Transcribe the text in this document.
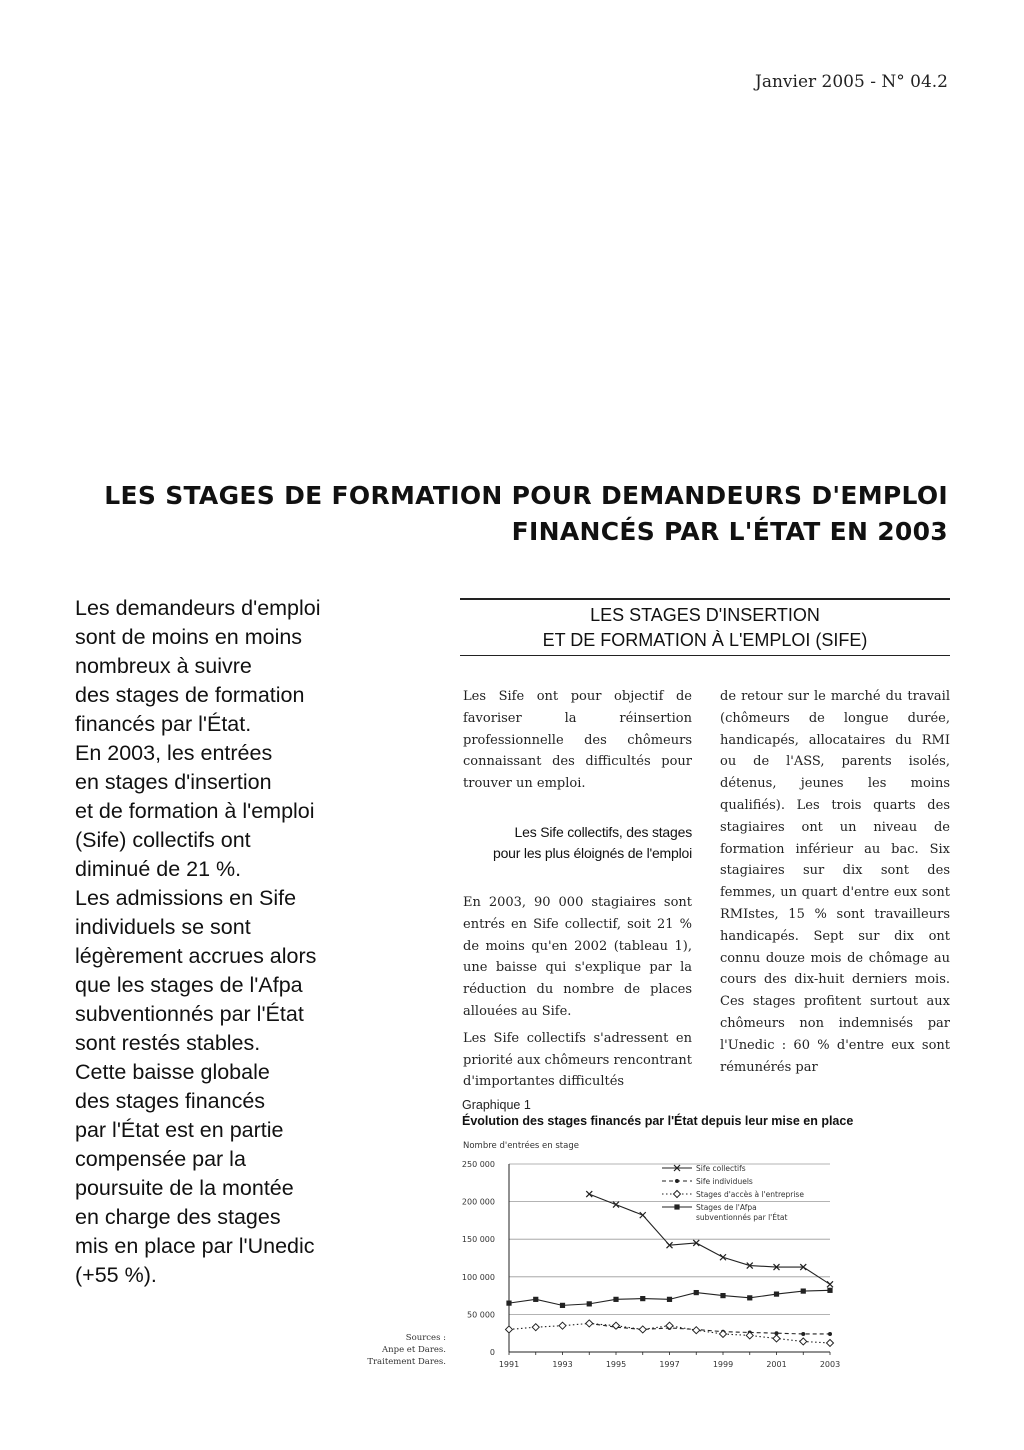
Janvier 2005 - N° 04.2
LES STAGES DE FORMATION POUR DEMANDEURS D'EMPLOI
FINANCÉS PAR L'ÉTAT EN 2003
Les demandeurs d'emploi
sont de moins en moins
nombreux à suivre
des stages de formation
financés par l'État.
En 2003, les entrées
en stages d'insertion
et de formation à l'emploi
(Sife) collectifs ont
diminué de 21 %.
Les admissions en Sife
individuels se sont
légèrement accrues alors
que les stages de l'Afpa
subventionnés par l'État
sont restés stables.
Cette baisse globale
des stages financés
par l'État est en partie
compensée par la
poursuite de la montée
en charge des stages
mis en place par l'Unedic
(+55 %).
LES STAGES D'INSERTION
ET DE FORMATION À L'EMPLOI (SIFE)

Les Sife ont pour objectif de favoriser la réinsertion professionnelle des chômeurs connaissant des difficultés pour trouver un emploi.

Les Sife collectifs, des stages
pour les plus éloignés de l'emploi

En 2003, 90 000 stagiaires sont entrés en Sife collectif, soit 21 % de moins qu'en 2002 (tableau 1), une baisse qui s'explique par la réduction du nombre de places allouées au Sife.

Les Sife collectifs s'adressent en priorité aux chômeurs rencontrant d'importantes difficultés

de retour sur le marché du travail (chômeurs de longue durée, handicapés, allocataires du RMI ou de l'ASS, parents isolés, détenus, jeunes les moins qualifiés). Les trois quarts des stagiaires ont un niveau de formation inférieur au bac. Six stagiaires sur dix sont des femmes, un quart d'entre eux sont RMIstes, 15 % sont travailleurs handicapés. Sept sur dix ont connu douze mois de chômage au cours des dix-huit derniers mois. Ces stages profitent surtout aux chômeurs non indemnisés par l'Unedic : 60 % d'entre eux sont rémunérés par

Graphique 1
Évolution des stages financés par l'État depuis leur mise en place
Sources :
Anpe et Dares.
Traitement Dares.
Nombre d'entrées en stage
0
50 000
100 000
150 000
200 000
250 000
1991	1993	1995	1997	1999	2001	2003
Sife collectifs
Sife individuels
Stages d'accès à l'entreprise
Stages de l'Afpa
subventionnés par l'État
